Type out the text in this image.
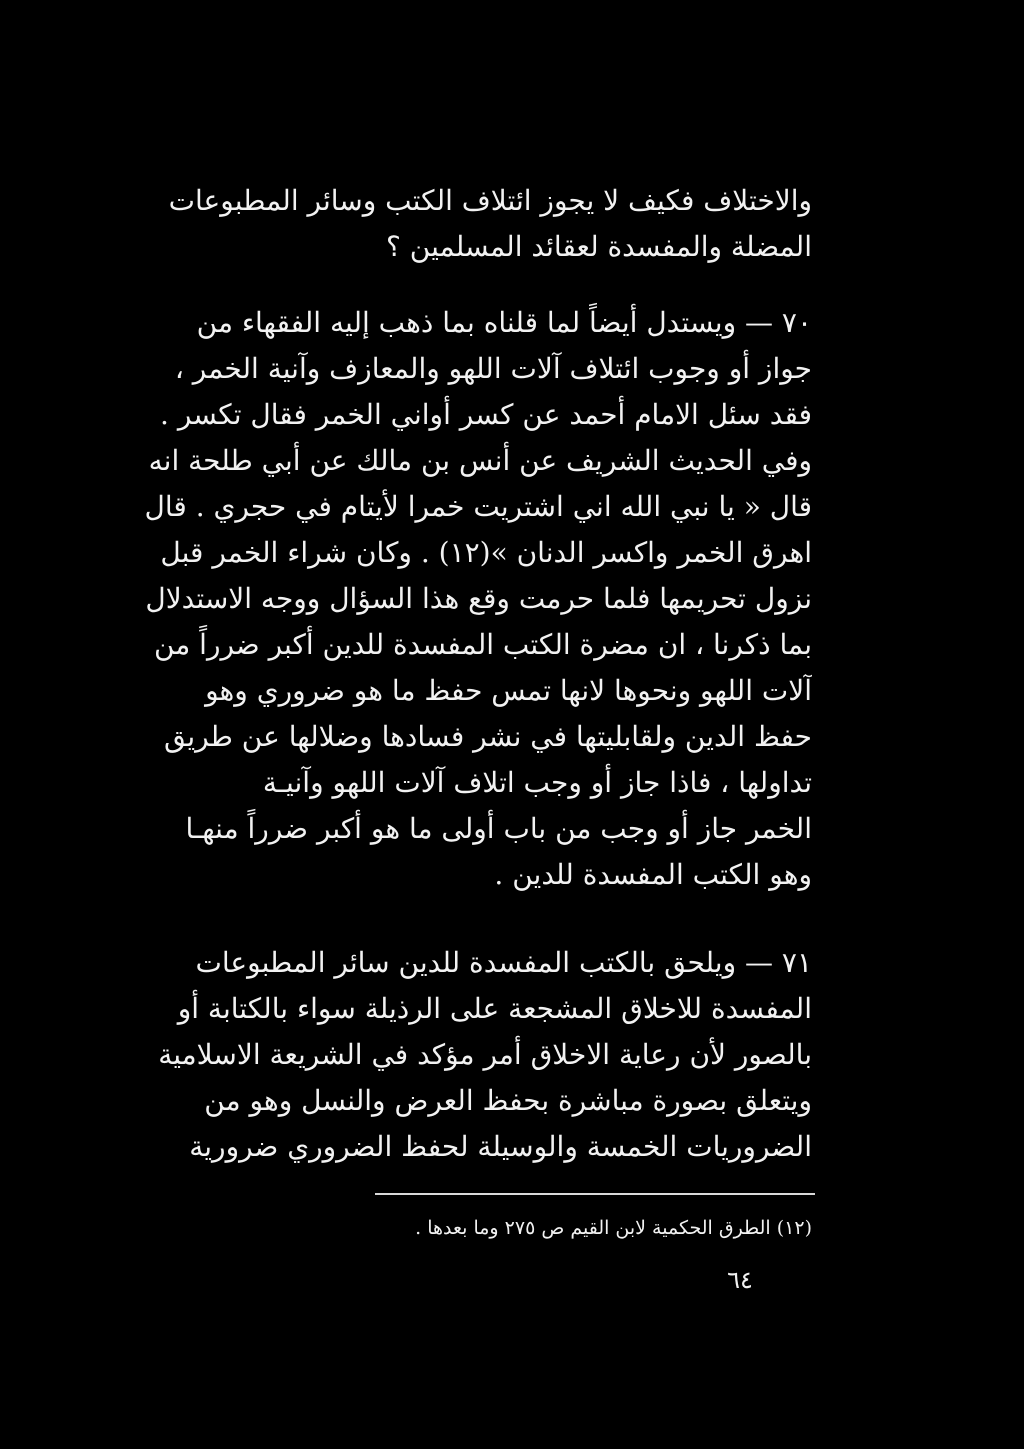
والاختلاف فكيف لا يجوز ائتلاف الكتب وسائر المطبوعات
المضلة والمفسدة لعقائد المسلمين ؟
٧٠ — ويستدل أيضاً لما قلناه بما ذهب إليه الفقهاء من
جواز أو وجوب ائتلاف آلات اللهو والمعازف وآنية الخمر ،
فقد سئل الامام أحمد عن كسر أواني الخمر فقال تكسر .
وفي الحديث الشريف عن أنس بن مالك عن أبي طلحة انه
قال « يا نبي الله اني اشتريت خمرا لأيتام في حجري . قال
اهرق الخمر واكسر الدنان »(١٢) . وكان شراء الخمر قبل
نزول تحريمها فلما حرمت وقع هذا السؤال ووجه الاستدلال
بما ذكرنا ، ان مضرة الكتب المفسدة للدين أكبر ضرراً من
آلات اللهو ونحوها لانها تمس حفظ ما هو ضروري وهو
حفظ الدين ولقابليتها في نشر فسادها وضلالها عن طريق
تداولها ، فاذا جاز أو وجب اتلاف آلات اللهو وآنيـة
الخمر جاز أو وجب من باب أولى ما هو أكبر ضرراً منهـا
وهو الكتب المفسدة للدين .
٧١ — ويلحق بالكتب المفسدة للدين سائر المطبوعات
المفسدة للاخلاق المشجعة على الرذيلة سواء بالكتابة أو
بالصور لأن رعاية الاخلاق أمر مؤكد في الشريعة الاسلامية
ويتعلق بصورة مباشرة بحفظ العرض والنسل وهو من
الضروريات الخمسة والوسيلة لحفظ الضروري ضرورية
(١٢) الطرق الحكمية لابن القيم ص ٢٧٥ وما بعدها .
٦٤
